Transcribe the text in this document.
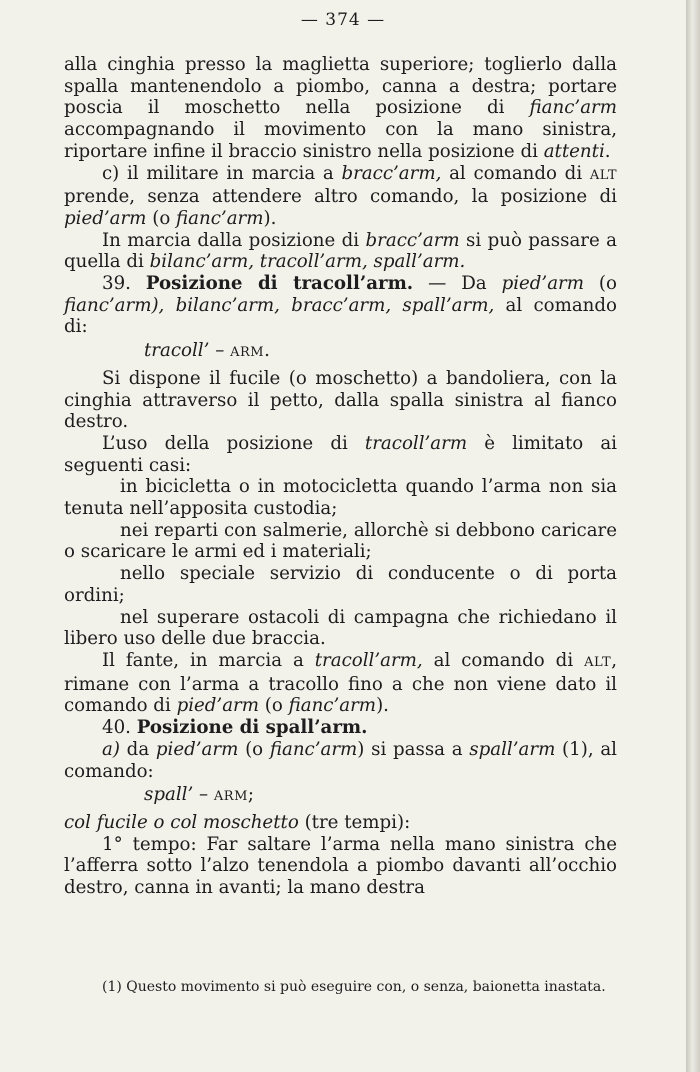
— 374 —

alla cinghia presso la maglietta superiore; toglierlo dalla spalla mantenendolo a piombo, canna a destra; portare poscia il moschetto nella posizione di fianc’arm accompagnando il movimento con la mano sinistra, riportare infine il braccio sinistro nella posizione di attenti.

c) il militare in marcia a bracc’arm, al comando di ALT prende, senza attendere altro comando, la posizione di pied’arm (o fianc’arm).

In marcia dalla posizione di bracc’arm si può passare a quella di bilanc’arm, tracoll’arm, spall’arm.

39. Posizione di tracoll’arm. — Da pied’arm (o fianc’arm), bilanc’arm, bracc’arm, spall’arm, al comando di:

tracoll’ – ARM.

Si dispone il fucile (o moschetto) a bandoliera, con la cinghia attraverso il petto, dalla spalla sinistra al fianco destro.

L’uso della posizione di tracoll’arm è limitato ai seguenti casi:

in bicicletta o in motocicletta quando l’arma non sia tenuta nell’apposita custodia;

nei reparti con salmerie, allorchè si debbono caricare o scaricare le armi ed i materiali;

nello speciale servizio di conducente o di porta ordini;

nel superare ostacoli di campagna che richiedano il libero uso delle due braccia.

Il fante, in marcia a tracoll’arm, al comando di ALT, rimane con l’arma a tracollo fino a che non viene dato il comando di pied’arm (o fianc’arm).

40. Posizione di spall’arm.

a) da pied’arm (o fianc’arm) si passa a spall’arm (1), al comando:

spall’ – ARM;

col fucile o col moschetto (tre tempi):

1° tempo: Far saltare l’arma nella mano sinistra che l’afferra sotto l’alzo tenendola a piombo davanti all’occhio destro, canna in avanti; la mano destra

(1) Questo movimento si può eseguire con, o senza, baionetta inastata.
